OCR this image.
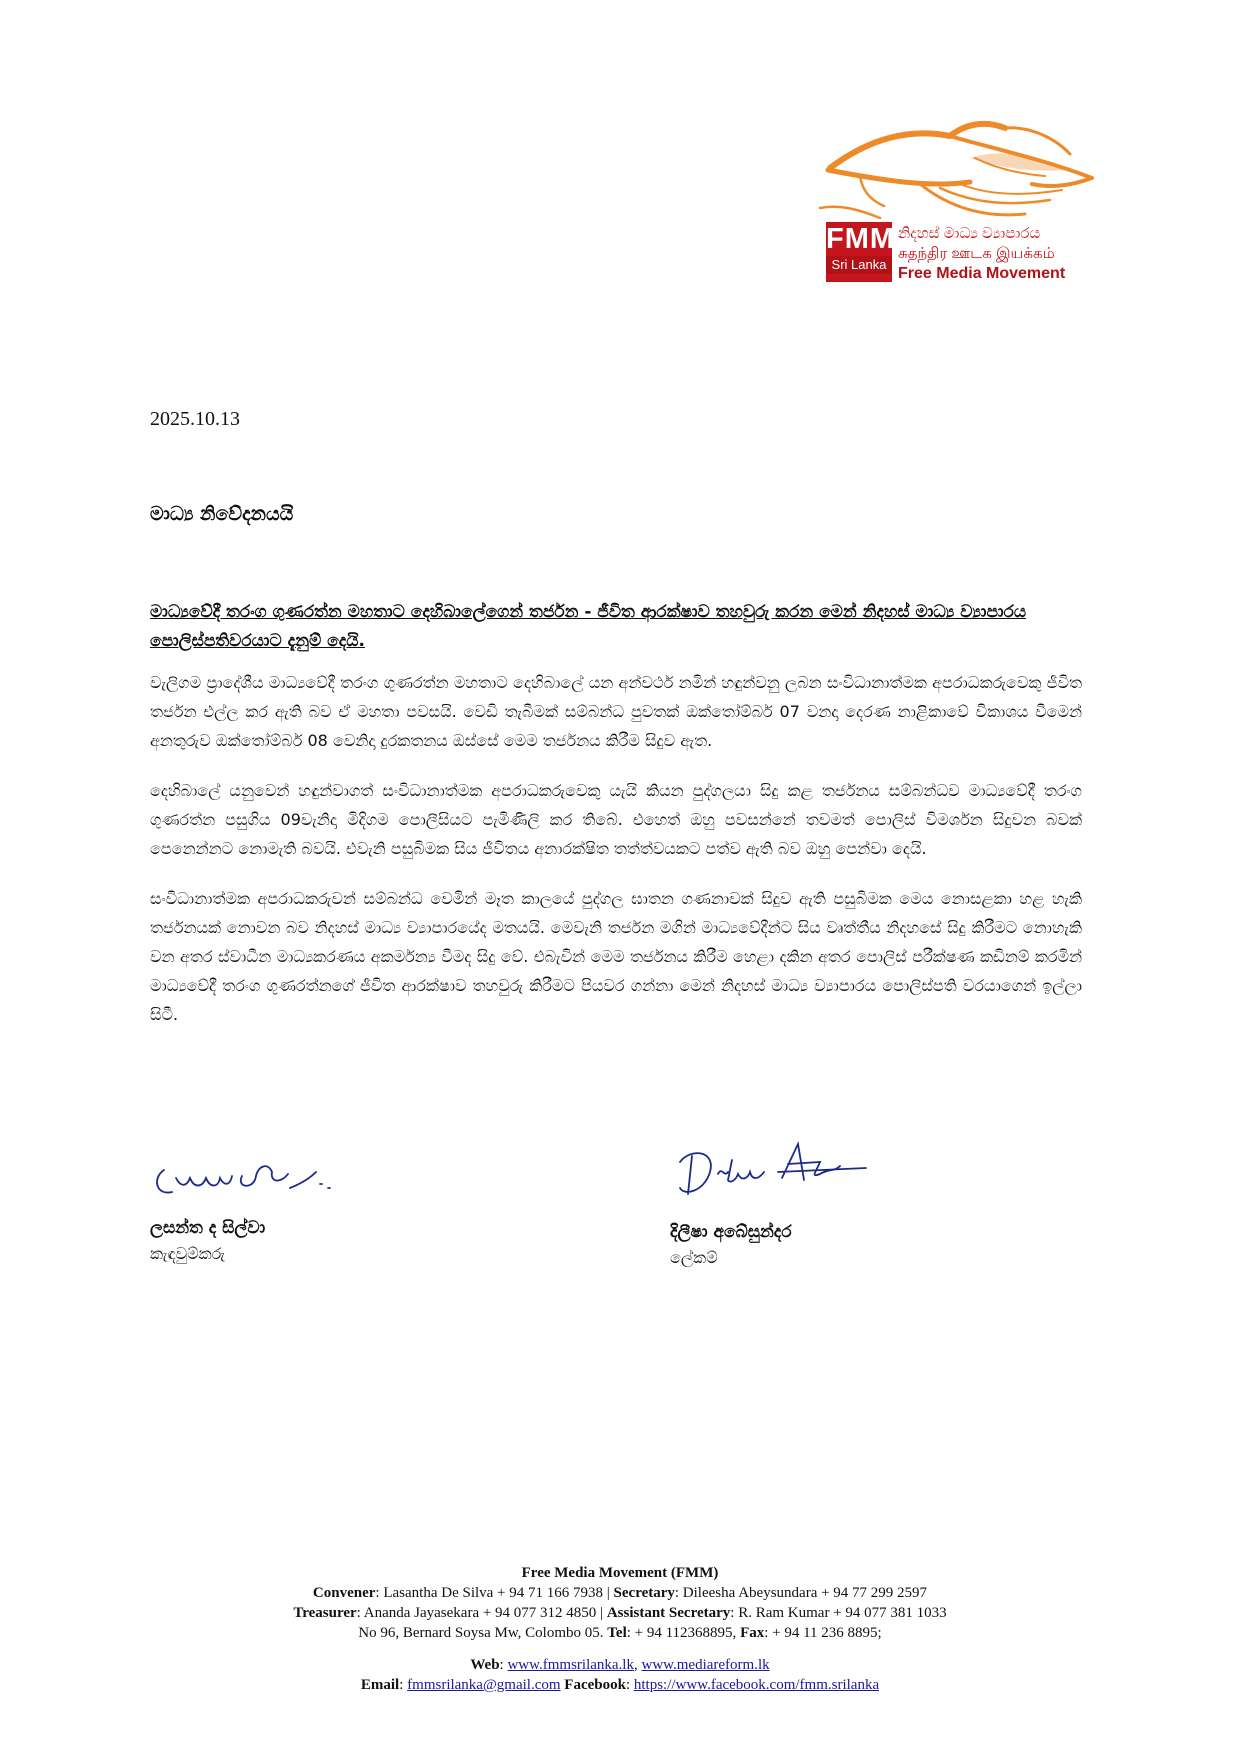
FMM
Sri Lanka
නිදහස් මාධ්‍ය ව්‍යාපාරය
சுதந்திர ஊடக இயக்கம்
Free Media Movement
2025.10.13
මාධ්‍ය නිවේදනයයි

මාධ්‍යවේදී තරංග ගුණරත්න මහතාට දෙහිබාලේගෙන් තර්ජන - ජීවිත ආරක්ෂාව තහවුරු කරන මෙන් නිදහස් මාධ්‍ය ව්‍යාපාරය පොලිස්පතිවරයාට දැනුම් දෙයි.

වැලිගම ප්‍රාදේශීය මාධ්‍යවේදී තරංග ගුණරත්න මහතාට දෙහිබාලේ යන අන්වර්ථ නමින් හඳුන්වනු ලබන සංවිධානාත්මක අපරාධකරුවෙකු ජීවිත තර්ජන එල්ල කර ඇති බව ඒ මහතා පවසයි. වෙඩි තැබීමක් සම්බන්ධ පුවතක් ඔක්තෝම්බර් 07 වනදා දෙරණ නාළිකාවේ විකාශය වීමෙන් අනතුරුව ඔක්තෝම්බර් 08 වෙනිදා දුරකතනය ඔස්සේ මෙම තර්ජනය කිරීම සිදුව ඇත.

දෙහිබාලේ යනුවෙන් හඳුන්වාගත් සංවිධානාත්මක අපරාධකරුවෙකු යැයි කියන පුද්ගලයා සිදු කළ තර්ජනය සම්බන්ධව මාධ්‍යවේදී තරංග ගුණරත්න පසුගිය 09වැනිදා මිදිගම පොලීසියට පැමිණිලි කර තිබේ. එහෙත් ඔහු පවසන්නේ තවමත් පොලිස් විමර්ශන සිදුවන බවක් පෙනෙන්නට නොමැති බවයි. එවැනි පසුබිමක සිය ජීවිතය අනාරක්ෂිත තත්ත්වයකට පත්ව ඇති බව ඔහු පෙන්වා දෙයි.

සංවිධානාත්මක අපරාධකරුවන් සම්බන්ධ වෙමින් මෑත කාලයේ පුද්ගල ඝාතන ගණනාවක් සිදුව ඇති පසුබිමක මෙය නොසළකා හළ හැකි තර්ජනයක් නොවන බව නිදහස් මාධ්‍ය ව්‍යාපාරයේද මතයයි. මෙවැනි තර්ජන මගින් මාධ්‍යවේදීන්ට සිය වෘත්තීය නිදහසේ සිදු කිරීමට නොහැකි වන අතර ස්වාධීන මාධ්‍යකරණය අකර්මන්‍ය වීමද සිදු වේ. එබැවින් මෙම තර්ජනය කිරීම හෙළා දකින අතර පොලිස් පරීක්ෂණ කඩිනම් කරමින් මාධ්‍යවේදී තරංග ගුණරත්නගේ ජීවිත ආරක්ෂාව තහවුරු කිරීමට පියවර ගන්නා මෙන් නිදහස් මාධ්‍ය ව්‍යාපාරය පොලිස්පති වරයාගෙන් ඉල්ලා සිටී.

ලසන්ත ද සිල්වා
කැඳවුම්කරු
දිලීෂා අබේසුන්දර
ලේකම්
Free Media Movement (FMM)
Convener: Lasantha De Silva + 94 71 166 7938 | Secretary: Dileesha Abeysundara + 94 77 299 2597
Treasurer: Ananda Jayasekara + 94 077 312 4850 | Assistant Secretary: R. Ram Kumar + 94 077 381 1033
No 96, Bernard Soysa Mw, Colombo 05. Tel: + 94 112368895, Fax: + 94 11 236 8895;
Web: www.fmmsrilanka.lk, www.mediareform.lk
Email: fmmsrilanka@gmail.com Facebook: https://www.facebook.com/fmm.srilanka
